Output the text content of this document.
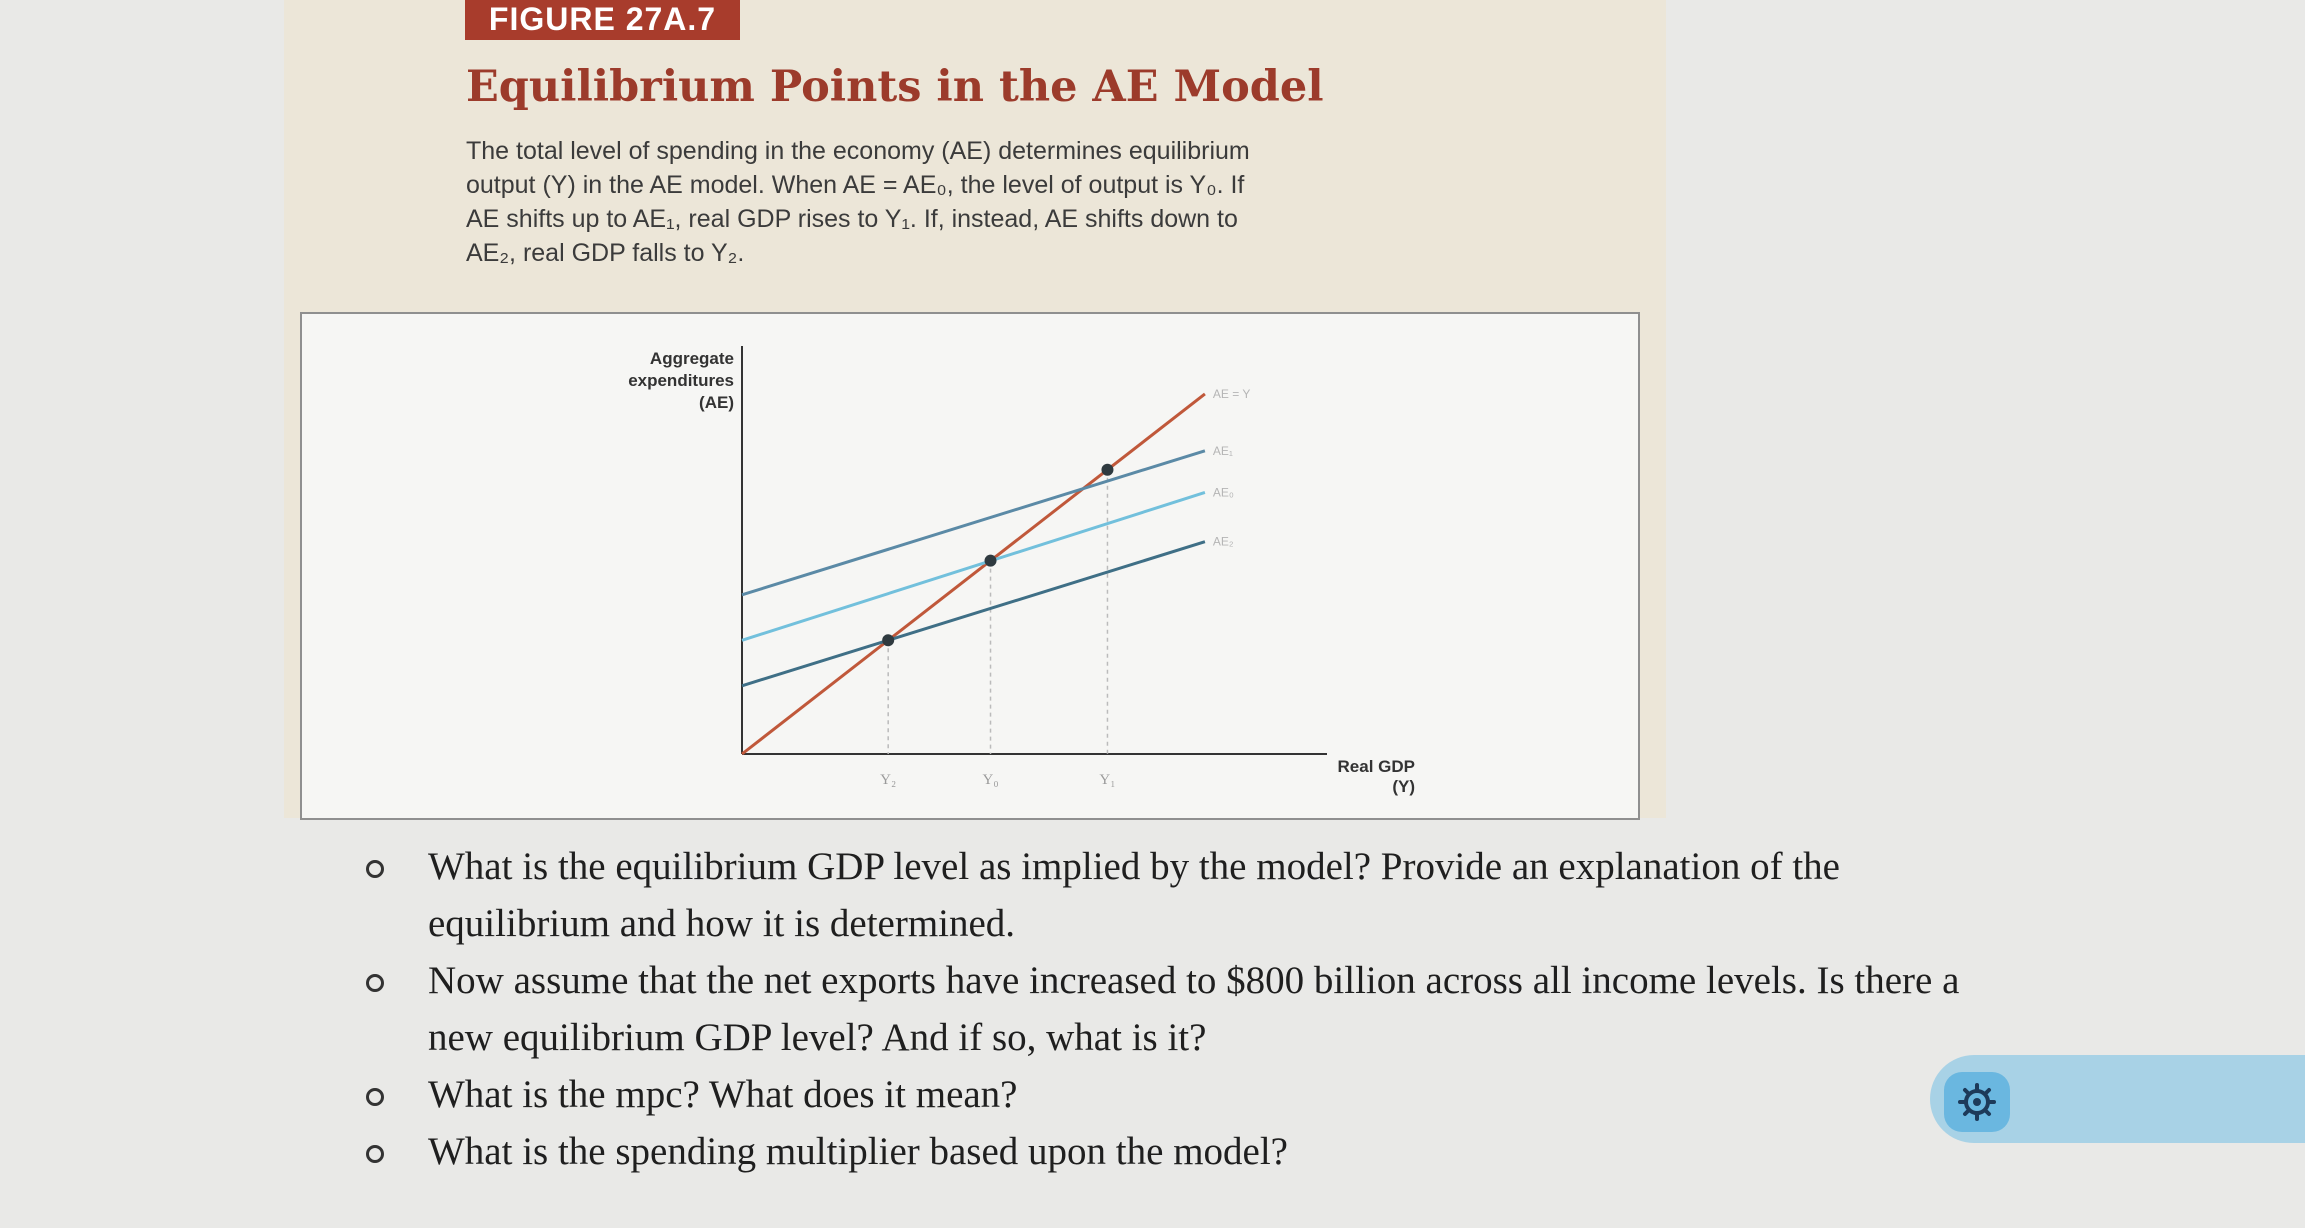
FIGURE 27A.7
Equilibrium Points in the AE Model
The total level of spending in the economy (AE) determines equilibrium
output (Y) in the AE model. When AE = AE₀, the level of output is Y₀. If
AE shifts up to AE₁, real GDP rises to Y₁. If, instead, AE shifts down to
AE₂, real GDP falls to Y₂.
AE = Y
AE₁
AE₀
AE₂
Y₂	Y₀	Y₁
Aggregate
expenditures
(AE)
Real GDP
(Y)
What is the equilibrium GDP level as implied by the model? Provide an explanation of the equilibrium and how it is determined.
Now assume that the net exports have increased to $800 billion across all income levels. Is there a new equilibrium GDP level? And if so, what is it?
What is the mpc? What does it mean?
What is the spending multiplier based upon the model?
